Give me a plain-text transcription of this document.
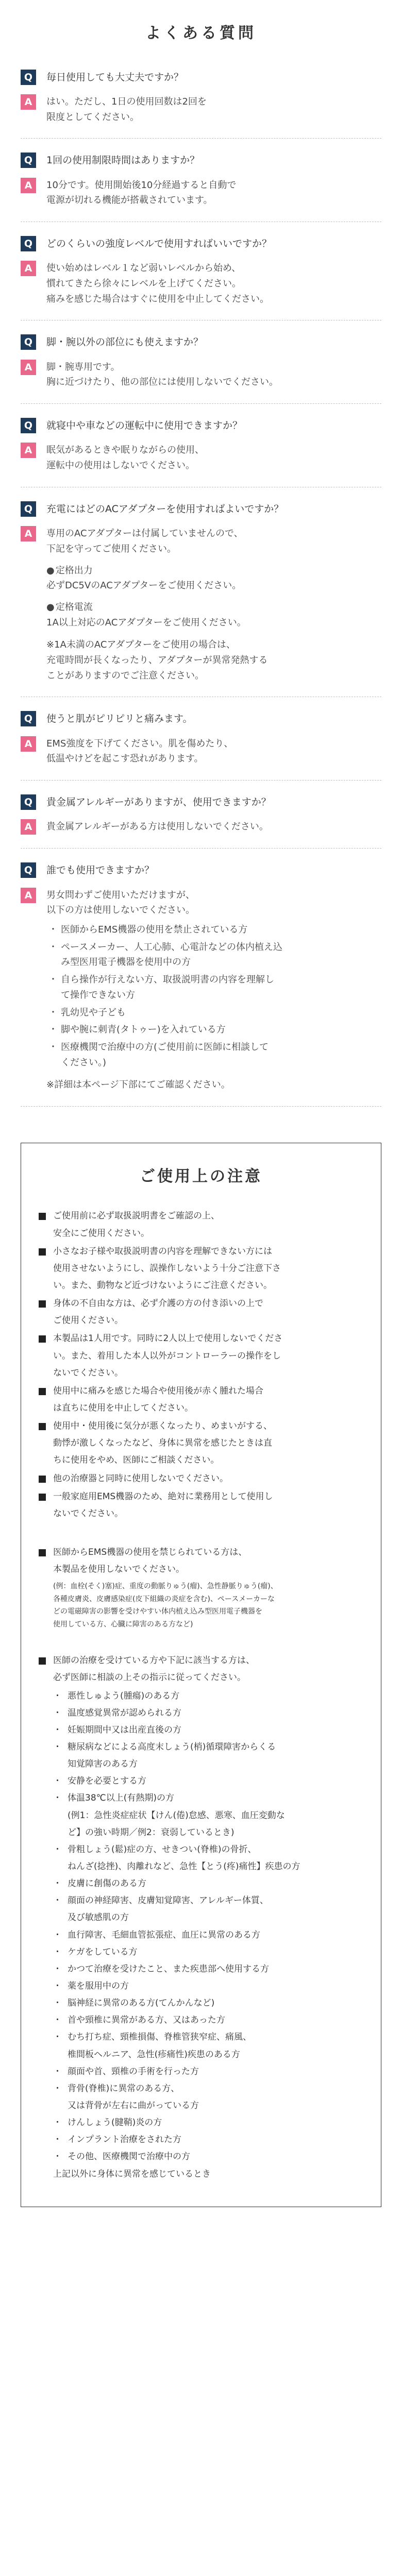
よくある質問
Q	毎日使用しても大丈夫ですか？
A	はい。ただし、1日の使用回数は2回を
限度としてください。

Q	1回の使用制限時間はありますか？
A	10分です。使用開始後10分経過すると自動で
電源が切れる機能が搭載されています。

Q	どのくらいの強度レベルで使用すればいいですか？
A	使い始めはレベル１など弱いレベルから始め、
慣れてきたら徐々にレベルを上げてください。
痛みを感じた場合はすぐに使用を中止してください。

Q	脚・腕以外の部位にも使えますか？
A	脚・腕専用です。
胸に近づけたり、他の部位には使用しないでください。

Q	就寝中や車などの運転中に使用できますか？
A	眠気があるときや眠りながらの使用、
運転中の使用はしないでください。

Q	充電にはどのACアダプターを使用すればよいですか？
A	専用のACアダプターは付属していませんので、
下記を守ってご使用ください。

● 定格出力
必ずDC5VのACアダプターをご使用ください。
● 定格電流
1A以上対応のACアダプターをご使用ください。
※1A未満のACアダプターをご使用の場合は、
充電時間が長くなったり、アダプターが異常発熱する
ことがありますのでご注意ください。
Q	使うと肌がピリピリと痛みます。
A	EMS強度を下げてください。肌を傷めたり、
低温やけどを起こす恐れがあります。

Q	貴金属アレルギーがありますが、使用できますか？
A	貴金属アレルギーがある方は使用しないでください。

Q	誰でも使用できますか？
A	男女問わずご使用いただけますが、
以下の方は使用しないでください。

・ 医師からEMS機器の使用を禁止されている方
・ ペースメーカー、人工心肺、心電計などの体内植え込
み型医用電子機器を使用中の方
・ 自ら操作が行えない方、取扱説明書の内容を理解し
て操作できない方
・ 乳幼児や子ども
・ 脚や腕に刺青(タトゥー)を入れている方
・ 医療機関で治療中の方(ご使用前に医師に相談して
ください。)
※詳細は本ページ下部にてご確認ください。
ご使用上の注意
ご使用前に必ず取扱説明書をご確認の上、
安全にご使用ください。
小さなお子様や取扱説明書の内容を理解できない方には
使用させないようにし、誤操作しないよう十分ご注意下さ
い。また、動物など近づけないようにご注意ください。
身体の不自由な方は、必ず介護の方の付き添いの上で
ご使用ください。
本製品は1人用です。同時に2人以上で使用しないでくださ
い。また、着用した本人以外がコントローラーの操作をし
ないでください。
使用中に痛みを感じた場合や使用後が赤く腫れた場合
は直ちに使用を中止してください。
使用中・使用後に気分が悪くなったり、めまいがする、
動悸が激しくなったなど、身体に異常を感じたときは直
ちに使用をやめ、医師にご相談ください。
他の治療器と同時に使用しないでください。
一般家庭用EMS機器のため、絶対に業務用として使用し
ないでください。
医師からEMS機器の使用を禁じられている方は、
本製品を使用しないでください。
(例：血栓(そく)塞)症、重度の動脈りゅう(瘤)、急性静脈りゅう(瘤)、
各種皮膚炎、皮膚感染症(皮下組織の炎症を含む)、ペースメーカーな
どの電磁障害の影響を受けやすい体内植え込み型医用電子機器を
使用している方、心臓に障害のある方など)
医師の治療を受けている方や下記に該当する方は、
必ず医師に相談の上その指示に従ってください。
・ 悪性しゅよう(腫瘍)のある方
・ 温度感覚異常が認められる方
・ 妊娠期間中又は出産直後の方
・ 糖尿病などによる高度末しょう(梢)循環障害からくる
知覚障害のある方
・ 安静を必要とする方
・ 体温38℃以上(有熱期)の方
(例1：急性炎症症状【けん(倦)怠感、悪寒、血圧変動な
ど】の強い時期／例2：衰弱しているとき)
・ 骨粗しょう(鬆)症の方、せきつい(脊椎)の骨折、
ねんざ(捻挫)、肉離れなど、急性【とう(疼)痛性】疾患の方
・ 皮膚に創傷のある方
・ 顔面の神経障害、皮膚知覚障害、アレルギー体質、
及び敏感肌の方
・ 血行障害、毛細血管拡張症、血圧に異常のある方
・ ケガをしている方
・ かつて治療を受けたこと、また疾患部へ使用する方
・ 薬を服用中の方
・ 脳神経に異常のある方(てんかんなど)
・ 首や頸椎に異常がある方、又はあった方
・ むち打ち症、頸椎損傷、脊椎管狭窄症、痛風、
椎間板ヘルニア、急性(疹痛性)疾患のある方
・ 顔面や首、頸椎の手術を行った方
・ 背骨(脊椎)に異常のある方、
又は背骨が左右に曲がっている方
・ けんしょう(腱鞘)炎の方
・ インプラント治療をされた方
・ その他、医療機関で治療中の方
上記以外に身体に異常を感じているとき
